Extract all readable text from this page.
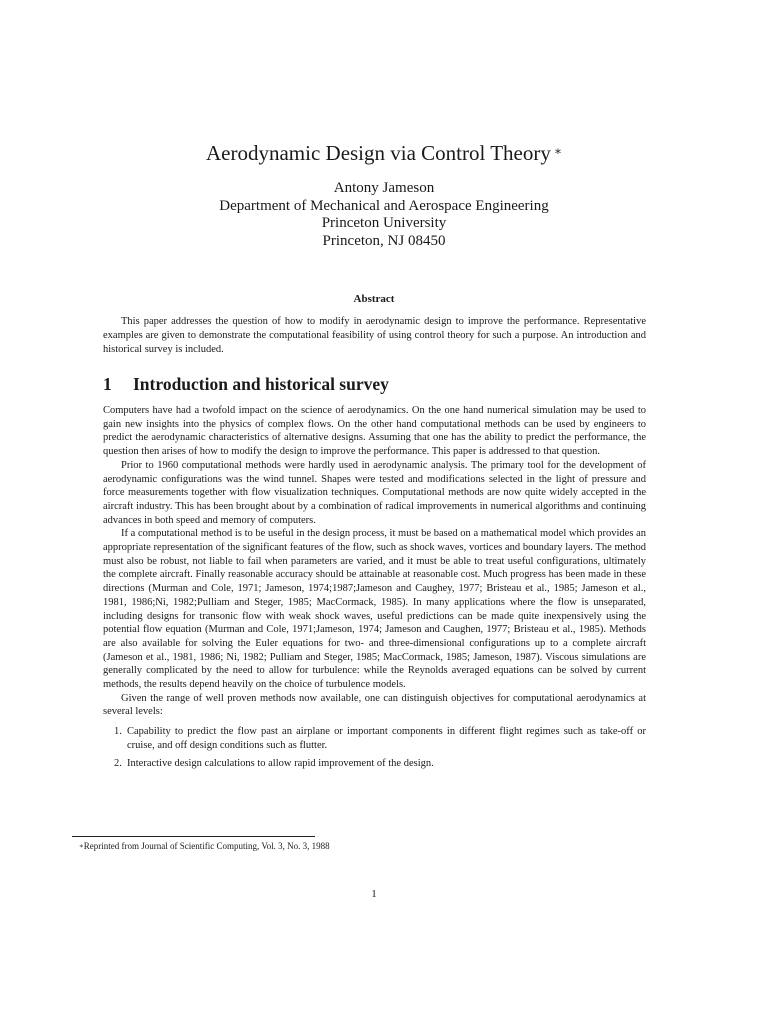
Aerodynamic Design via Control Theory ∗
Antony Jameson
Department of Mechanical and Aerospace Engineering
Princeton University
Princeton, NJ 08450
Abstract

This paper addresses the question of how to modify in aerodynamic design to improve the performance. Representative examples are given to demonstrate the computational feasibility of using control theory for such a purpose. An introduction and historical survey is included.

1 Introduction and historical survey

Computers have had a twofold impact on the science of aerodynamics. On the one hand numerical simulation may be used to gain new insights into the physics of complex flows. On the other hand computational methods can be used by engineers to predict the aerodynamic characteristics of alternative designs. Assuming that one has the ability to predict the performance, the question then arises of how to modify the design to improve the performance. This paper is addressed to that question.

Prior to 1960 computational methods were hardly used in aerodynamic analysis. The primary tool for the development of aerodynamic configurations was the wind tunnel. Shapes were tested and modifications selected in the light of pressure and force measurements together with flow visualization techniques. Computational methods are now quite widely accepted in the aircraft industry. This has been brought about by a combination of radical improvements in numerical algorithms and continuing advances in both speed and memory of computers.

If a computational method is to be useful in the design process, it must be based on a mathematical model which provides an appropriate representation of the significant features of the flow, such as shock waves, vortices and boundary layers. The method must also be robust, not liable to fail when parameters are varied, and it must be able to treat useful configurations, ultimately the complete aircraft. Finally reasonable accuracy should be attainable at reasonable cost. Much progress has been made in these directions (Murman and Cole, 1971; Jameson, 1974;1987;Jameson and Caughey, 1977; Bristeau et al., 1985; Jameson et al., 1981, 1986;Ni, 1982;Pulliam and Steger, 1985; MacCormack, 1985). In many applications where the flow is unseparated, including designs for transonic flow with weak shock waves, useful predictions can be made quite inexpensively using the potential flow equation (Murman and Cole, 1971;Jameson, 1974; Jameson and Caughen, 1977; Bristeau et al., 1985). Methods are also available for solving the Euler equations for two- and three-dimensional configurations up to a complete aircraft (Jameson et al., 1981, 1986; Ni, 1982; Pulliam and Steger, 1985; MacCormack, 1985; Jameson, 1987). Viscous simulations are generally complicated by the need to allow for turbulence: while the Reynolds averaged equations can be solved by current methods, the results depend heavily on the choice of turbulence models.

Given the range of well proven methods now available, one can distinguish objectives for computational aerodynamics at several levels:

1. Capability to predict the flow past an airplane or important components in different flight regimes such as take-off or cruise, and off design conditions such as flutter.
2. Interactive design calculations to allow rapid improvement of the design.
∗Reprinted from Journal of Scientific Computing, Vol. 3, No. 3, 1988
1
